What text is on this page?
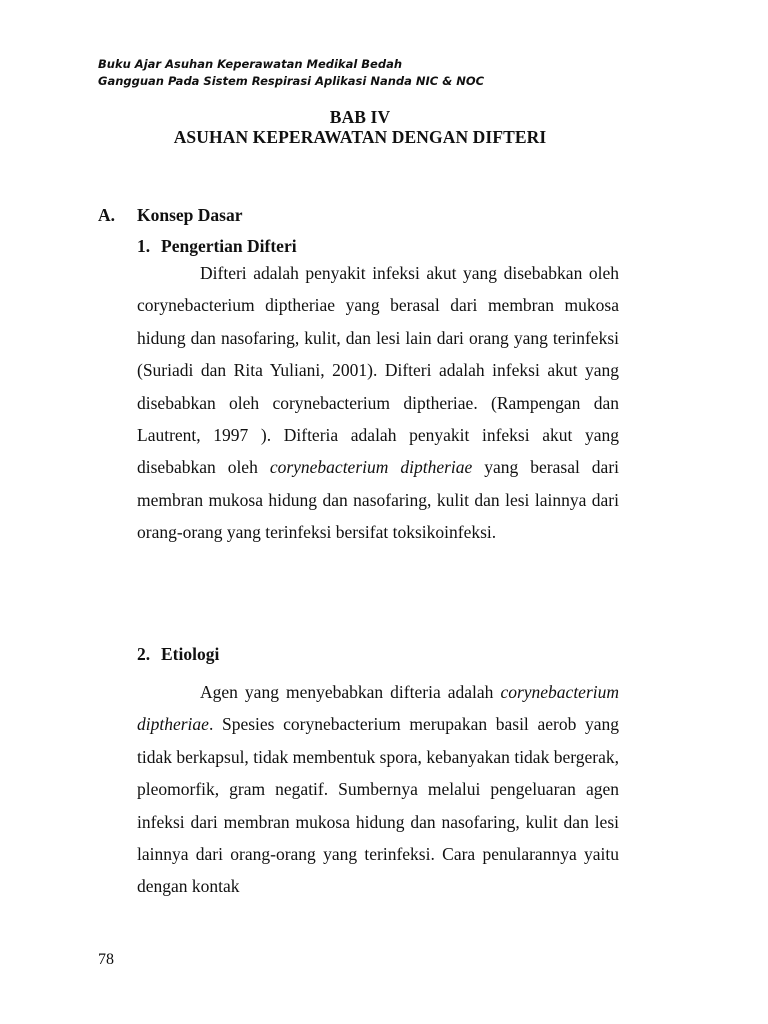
Buku Ajar Asuhan Keperawatan Medikal Bedah
Gangguan Pada Sistem Respirasi Aplikasi Nanda NIC & NOC
BAB IV
ASUHAN KEPERAWATAN DENGAN DIFTERI
A. Konsep Dasar
1. Pengertian Difteri
Difteri adalah penyakit infeksi akut yang disebabkan oleh corynebacterium diptheriae yang berasal dari membran mukosa hidung dan nasofaring, kulit, dan lesi lain dari orang yang terinfeksi (Suriadi dan Rita Yuliani, 2001). Difteri adalah infeksi akut yang disebabkan oleh corynebacterium diptheriae. (Rampengan dan Lautrent, 1997 ). Difteria adalah penyakit infeksi akut yang disebabkan oleh corynebacterium diptheriae yang berasal dari membran mukosa hidung dan nasofaring, kulit dan lesi lainnya dari orang-orang yang terinfeksi bersifat toksikoinfeksi.
2. Etiologi
Agen yang menyebabkan difteria adalah corynebacterium diptheriae. Spesies corynebacterium merupakan basil aerob yang tidak berkapsul, tidak membentuk spora, kebanyakan tidak bergerak, pleomorfik, gram negatif. Sumbernya melalui pengeluaran agen infeksi dari membran mukosa hidung dan nasofaring, kulit dan lesi lainnya dari orang-orang yang terinfeksi. Cara penularannya yaitu dengan kontak
78
